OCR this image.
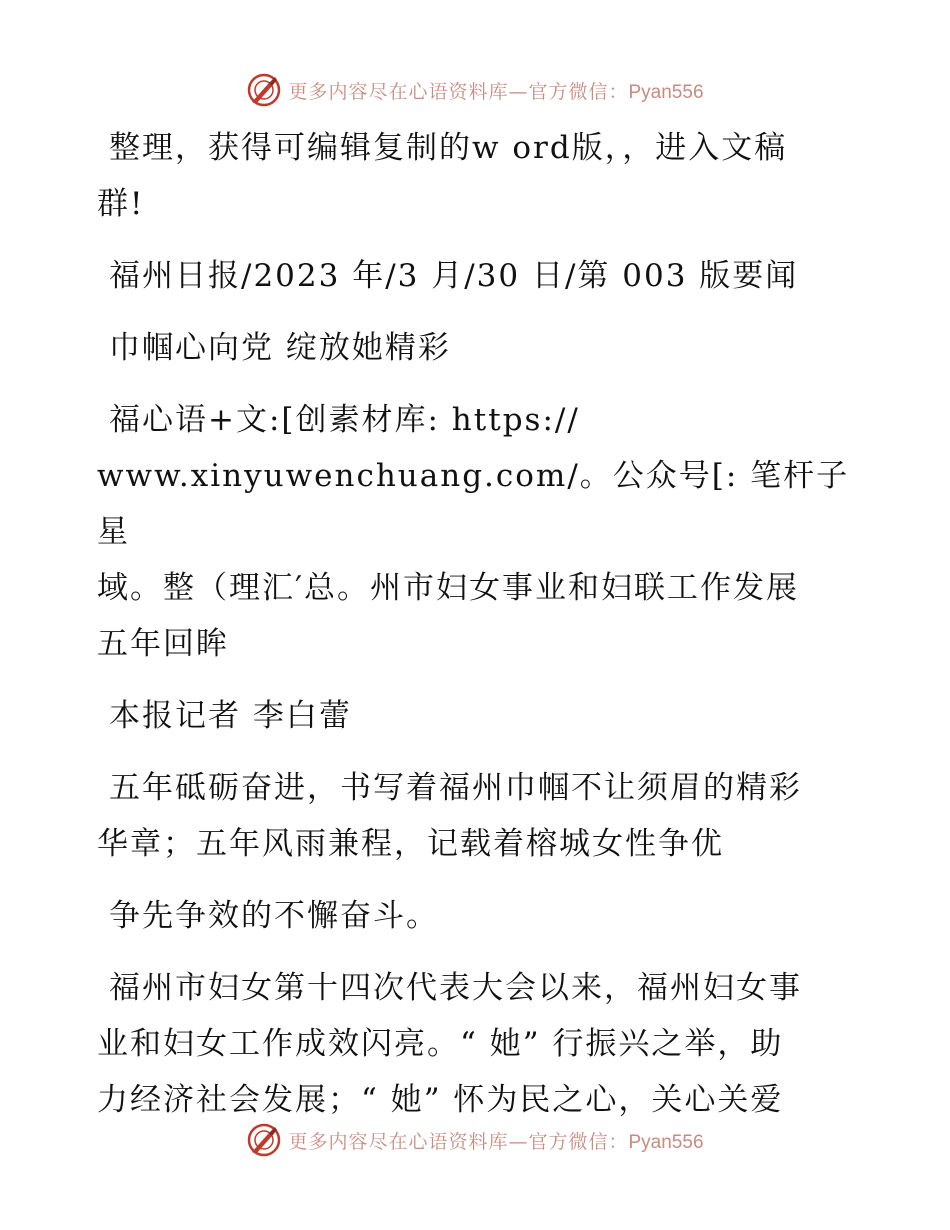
更多内容尽在心语资料库—官方微信：Pyan556

整理，获得可编辑复制的w ord版，，进入文稿

群!

福州日报/2023 年/3 月/30 日/第 003 版要闻

巾帼心向党 绽放她精彩

福心语+文:[创素材库: https://

www.xinyuwenchuang.com/。公众号[: 笔杆子星

域。整（理汇′总。州市妇女事业和妇联工作发展

五年回眸

本报记者 李白蕾

五年砥砺奋进，书写着福州巾帼不让须眉的精彩

华章；五年风雨兼程，记载着榕城女性争优

争先争效的不懈奋斗。

福州市妇女第十四次代表大会以来，福州妇女事

业和妇女工作成效闪亮。“ 她” 行振兴之举，助

力经济社会发展；“ 她” 怀为民之心，关心关爱

更多内容尽在心语资料库—官方微信：Pyan556
